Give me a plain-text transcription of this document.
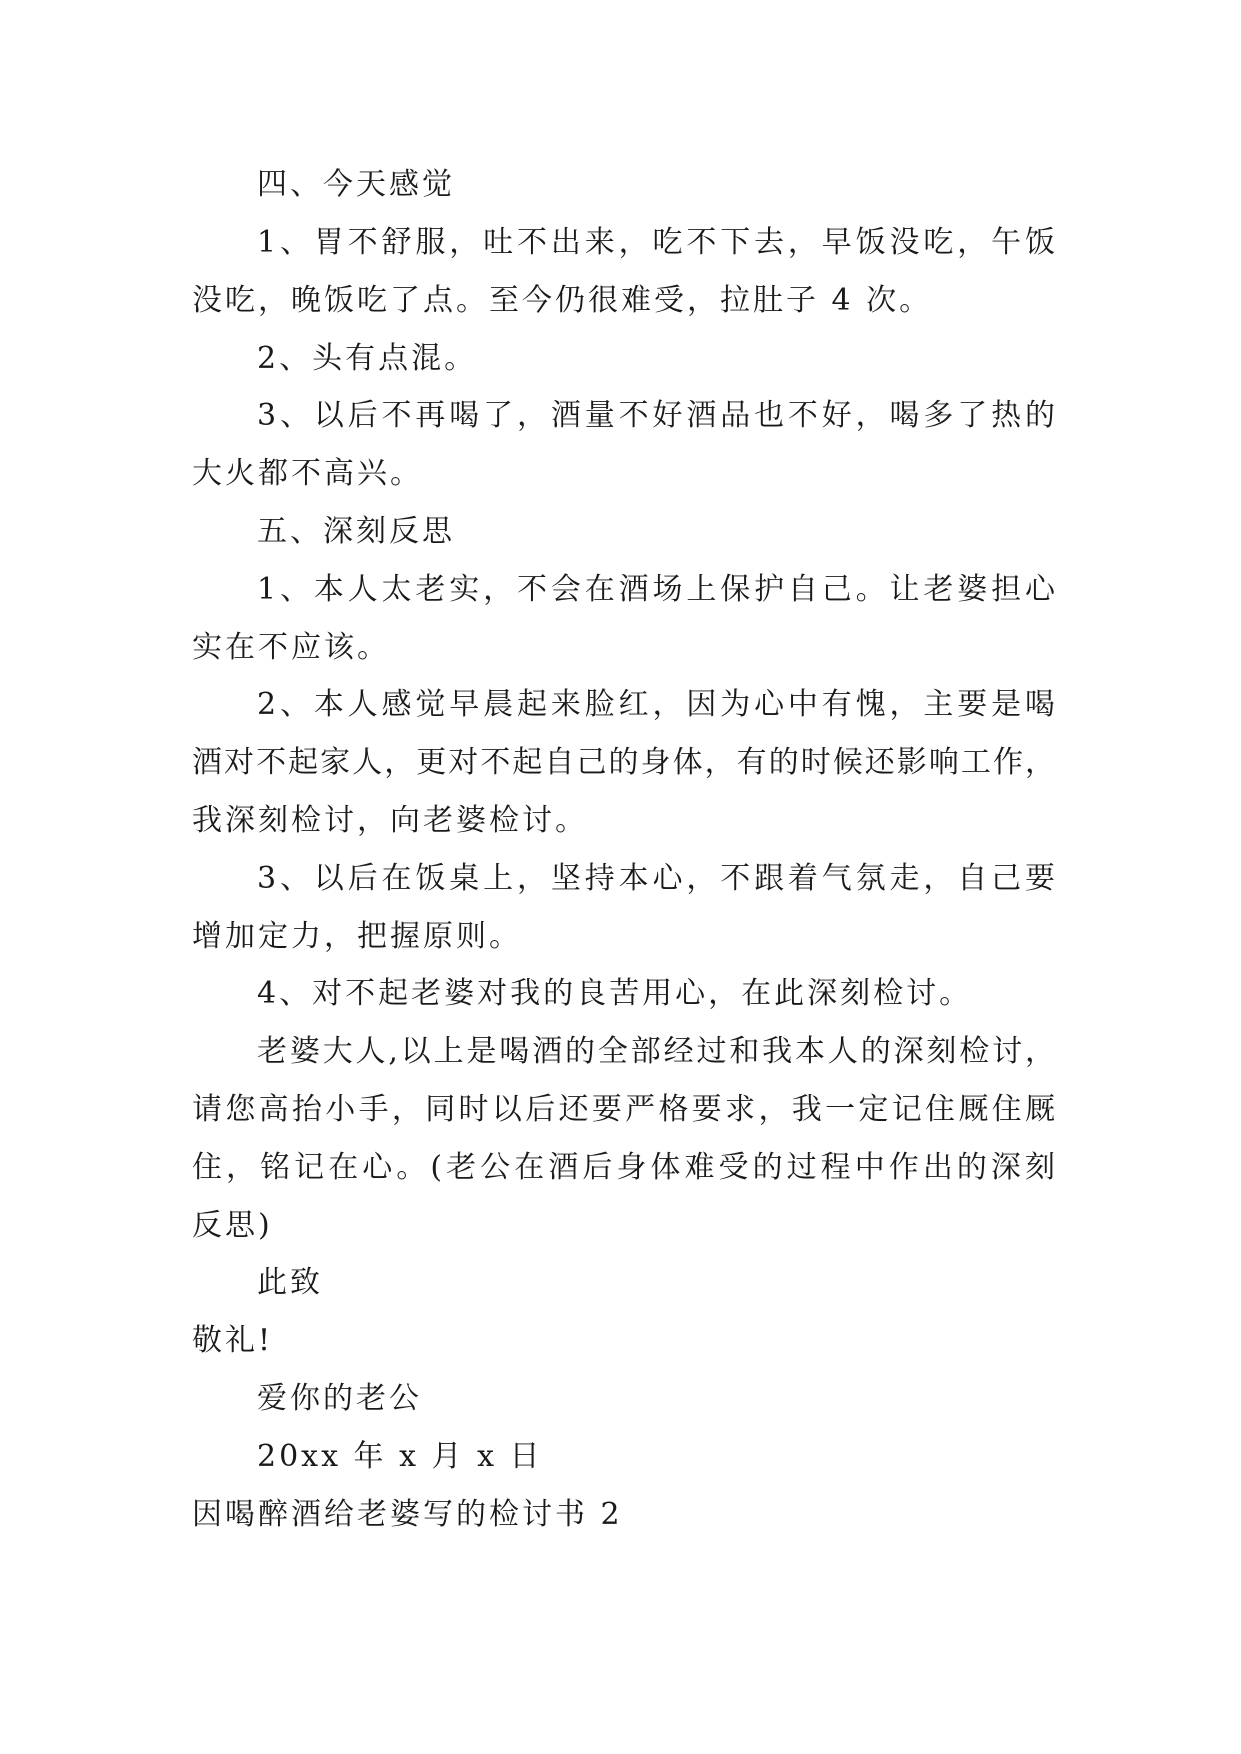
四、今天感觉
1、胃不舒服，吐不出来，吃不下去，早饭没吃，午饭
没吃，晚饭吃了点。至今仍很难受，拉肚子 4 次。
2、头有点混。
3、以后不再喝了，酒量不好酒品也不好，喝多了热的
大火都不高兴。
五、深刻反思
1、本人太老实，不会在酒场上保护自己。让老婆担心
实在不应该。
2、本人感觉早晨起来脸红，因为心中有愧，主要是喝
酒对不起家人，更对不起自己的身体，有的时候还影响工作，
我深刻检讨，向老婆检讨。
3、以后在饭桌上，坚持本心，不跟着气氛走，自己要
增加定力，把握原则。
4、对不起老婆对我的良苦用心，在此深刻检讨。
老婆大人,以上是喝酒的全部经过和我本人的深刻检讨，
请您高抬小手，同时以后还要严格要求，我一定记住厩住厩
住，铭记在心。(老公在酒后身体难受的过程中作出的深刻
反思)
此致
敬礼!
爱你的老公
20xx 年 x 月 x 日
因喝醉酒给老婆写的检讨书 2
